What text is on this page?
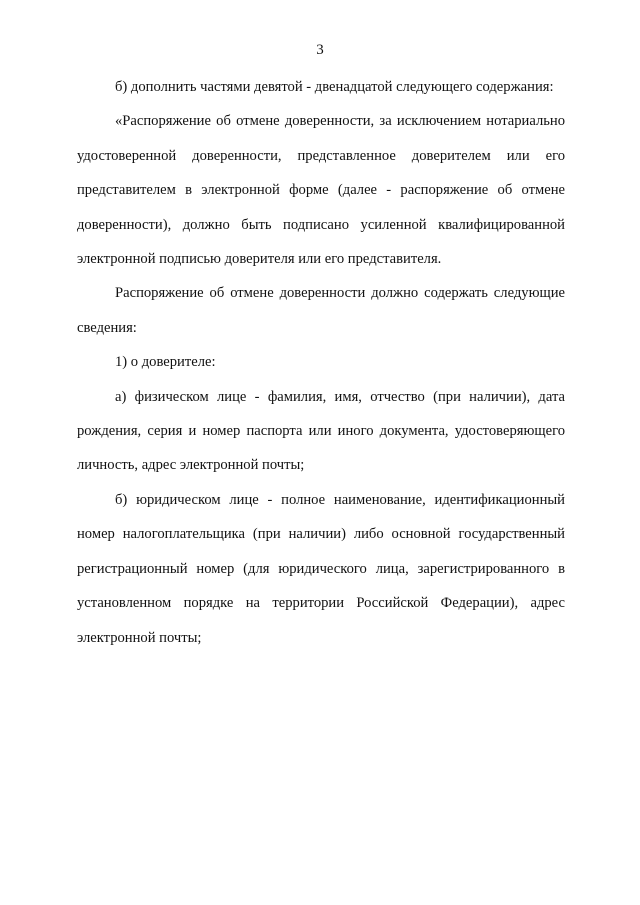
3

б) дополнить частями девятой - двенадцатой следующего содержания:

«Распоряжение об отмене доверенности, за исключением нотариально удостоверенной доверенности, представленное доверителем или его представителем в электронной форме (далее - распоряжение об отмене доверенности), должно быть подписано усиленной квалифицированной электронной подписью доверителя или его представителя.

Распоряжение об отмене доверенности должно содержать следующие сведения:

1) о доверителе:

а) физическом лице - фамилия, имя, отчество (при наличии), дата рождения, серия и номер паспорта или иного документа, удостоверяющего личность, адрес электронной почты;

б) юридическом лице - полное наименование, идентификационный номер налогоплательщика (при наличии) либо основной государственный регистрационный номер (для юридического лица, зарегистрированного в установленном порядке на территории Российской Федерации), адрес электронной почты;
